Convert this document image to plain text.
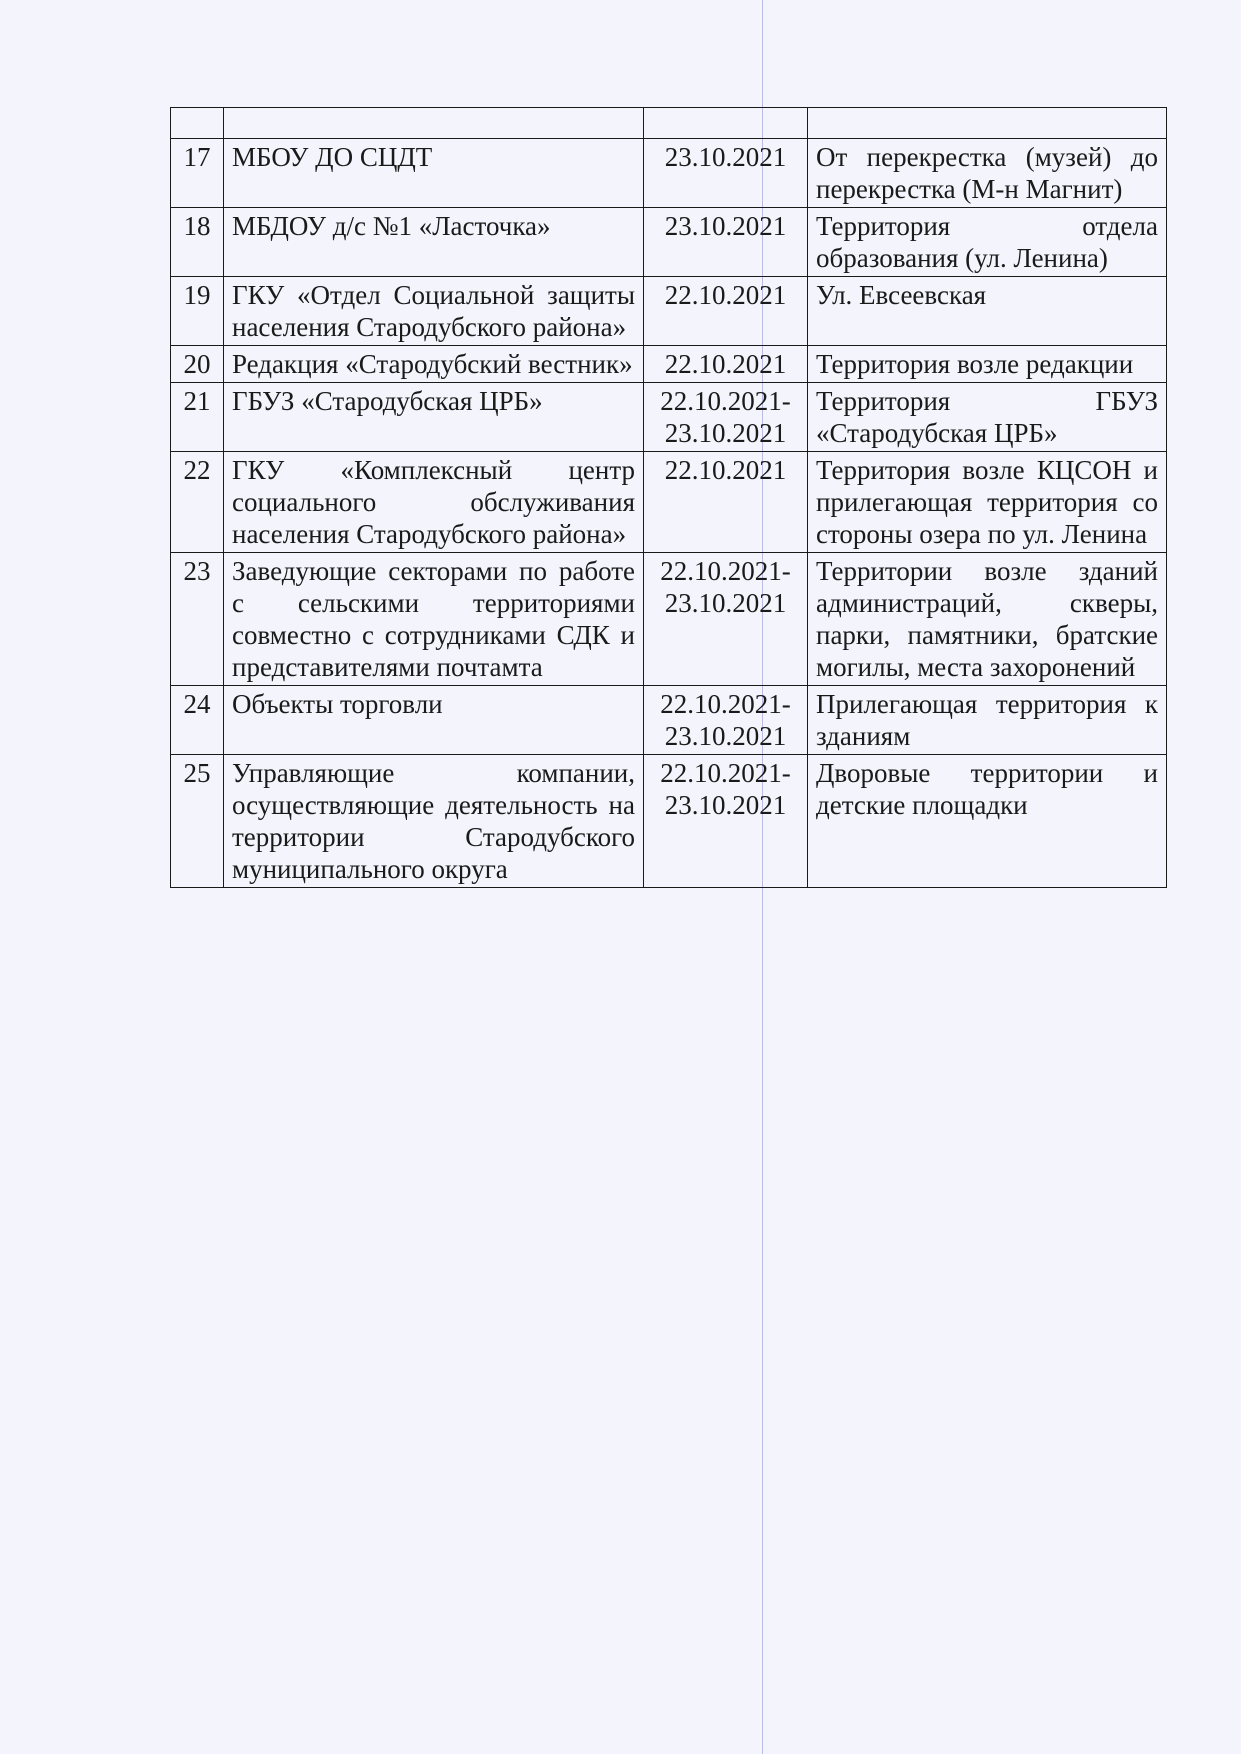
17	МБОУ ДО СЦДТ	23.10.2021	От перекрестка (музей) до перекрестка (М-н Магнит)
18	МБДОУ д/с №1 «Ласточка»	23.10.2021	Территория отдела образования (ул. Ленина)
19	ГКУ «Отдел Социальной защиты населения Стародубского района»	22.10.2021	Ул. Евсеевская
20	Редакция «Стародубский вестник»	22.10.2021	Территория возле редакции
21	ГБУЗ «Стародубская ЦРБ»	22.10.2021-23.10.2021	Территория ГБУЗ «Стародубская ЦРБ»
22	ГКУ «Комплексный центр социального обслуживания населения Стародубского района»	22.10.2021	Территория возле КЦСОН и прилегающая территория со стороны озера по ул. Ленина
23	Заведующие секторами по работе с сельскими территориями совместно с сотрудниками СДК и представителями почтамта	22.10.2021-23.10.2021	Территории возле зданий администраций, скверы, парки, памятники, братские могилы, места захоронений
24	Объекты торговли	22.10.2021-23.10.2021	Прилегающая территория к зданиям
25	Управляющие компании, осуществляющие деятельность на территории Стародубского муниципального округа	22.10.2021-23.10.2021	Дворовые территории и детские площадки
